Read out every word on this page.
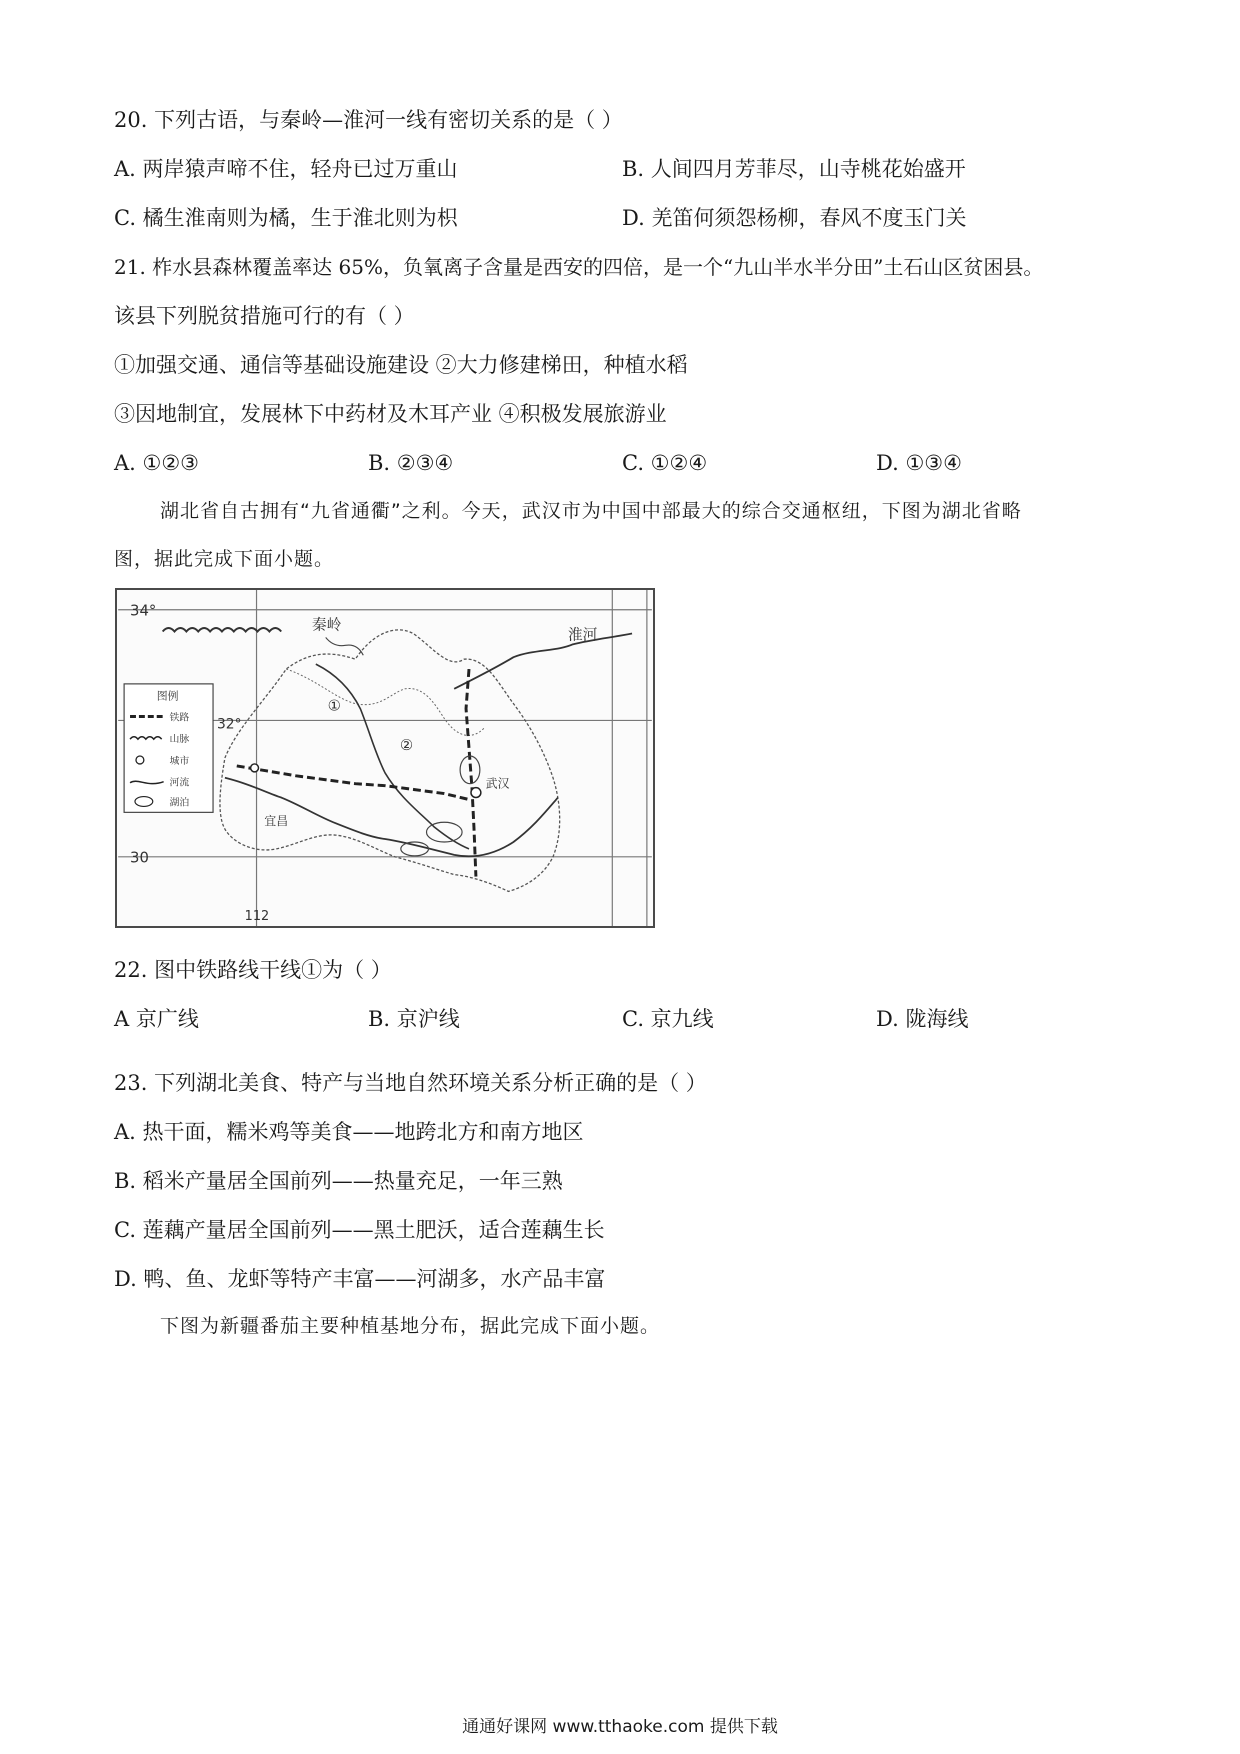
20. 下列古语，与秦岭—淮河一线有密切关系的是（ ）
A. 两岸猿声啼不住，轻舟已过万重山	B. 人间四月芳菲尽，山寺桃花始盛开
C. 橘生淮南则为橘，生于淮北则为枳	D. 羌笛何须怨杨柳，春风不度玉门关
21. 柞水县森林覆盖率达 65%，负氧离子含量是西安的四倍，是一个“九山半水半分田”土石山区贫困县。
该县下列脱贫措施可行的有（ ）
①加强交通、通信等基础设施建设 ②大力修建梯田，种植水稻
③因地制宜，发展林下中药材及木耳产业 ④积极发展旅游业
A. ①②③	B. ②③④	C. ①②④	D. ①③④
湖北省自古拥有“九省通衢”之利。今天，武汉市为中国中部最大的综合交通枢纽，下图为湖北省略
图，据此完成下面小题。
图例
铁路
山脉
城市
河流
湖泊
34°
32°
30
112
秦岭
淮河
宜昌
武汉
①
②
22. 图中铁路线干线①为（ ）
A 京广线	B. 京沪线	C. 京九线	D. 陇海线
23. 下列湖北美食、特产与当地自然环境关系分析正确的是（ ）
A. 热干面，糯米鸡等美食——地跨北方和南方地区
B. 稻米产量居全国前列——热量充足，一年三熟
C. 莲藕产量居全国前列——黑土肥沃，适合莲藕生长
D. 鸭、鱼、龙虾等特产丰富——河湖多，水产品丰富
下图为新疆番茄主要种植基地分布，据此完成下面小题。
通通好课网 www.tthaoke.com 提供下载
